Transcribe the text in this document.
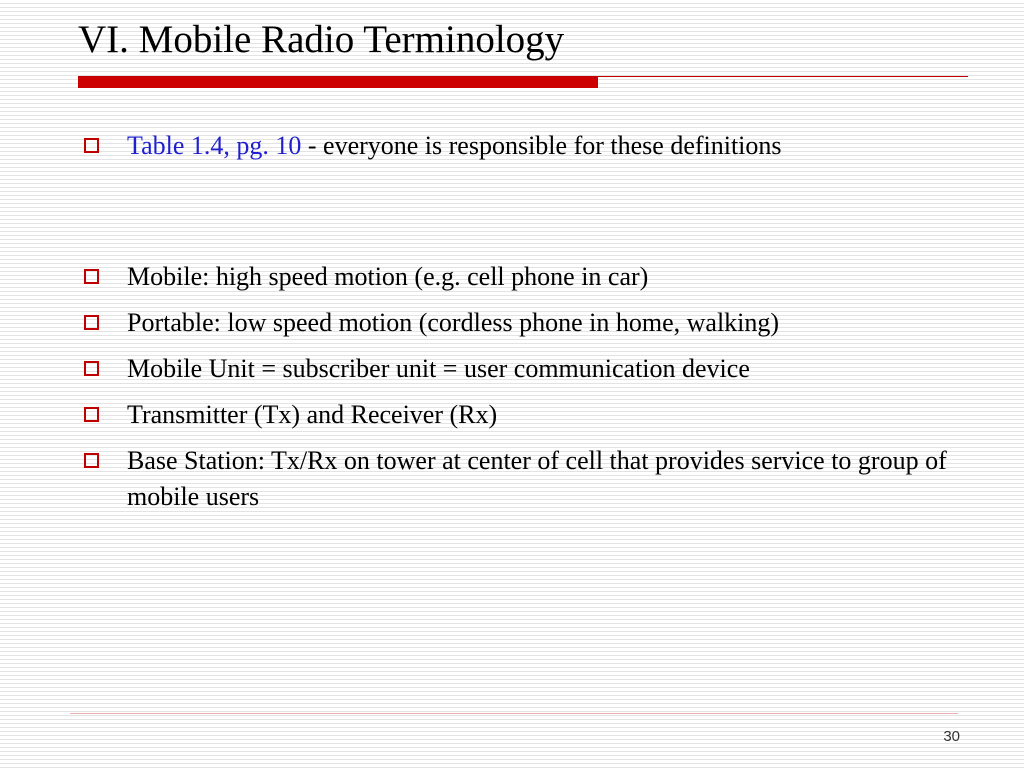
VI. Mobile Radio Terminology
Table 1.4, pg. 10 - everyone is responsible for these definitions
Mobile: high speed motion (e.g. cell phone in car)
Portable: low speed motion (cordless phone in home, walking)
Mobile Unit = subscriber unit = user communication device
Transmitter (Tx) and Receiver (Rx)
Base Station: Tx/Rx on tower at center of cell that provides service to group of mobile users
30
